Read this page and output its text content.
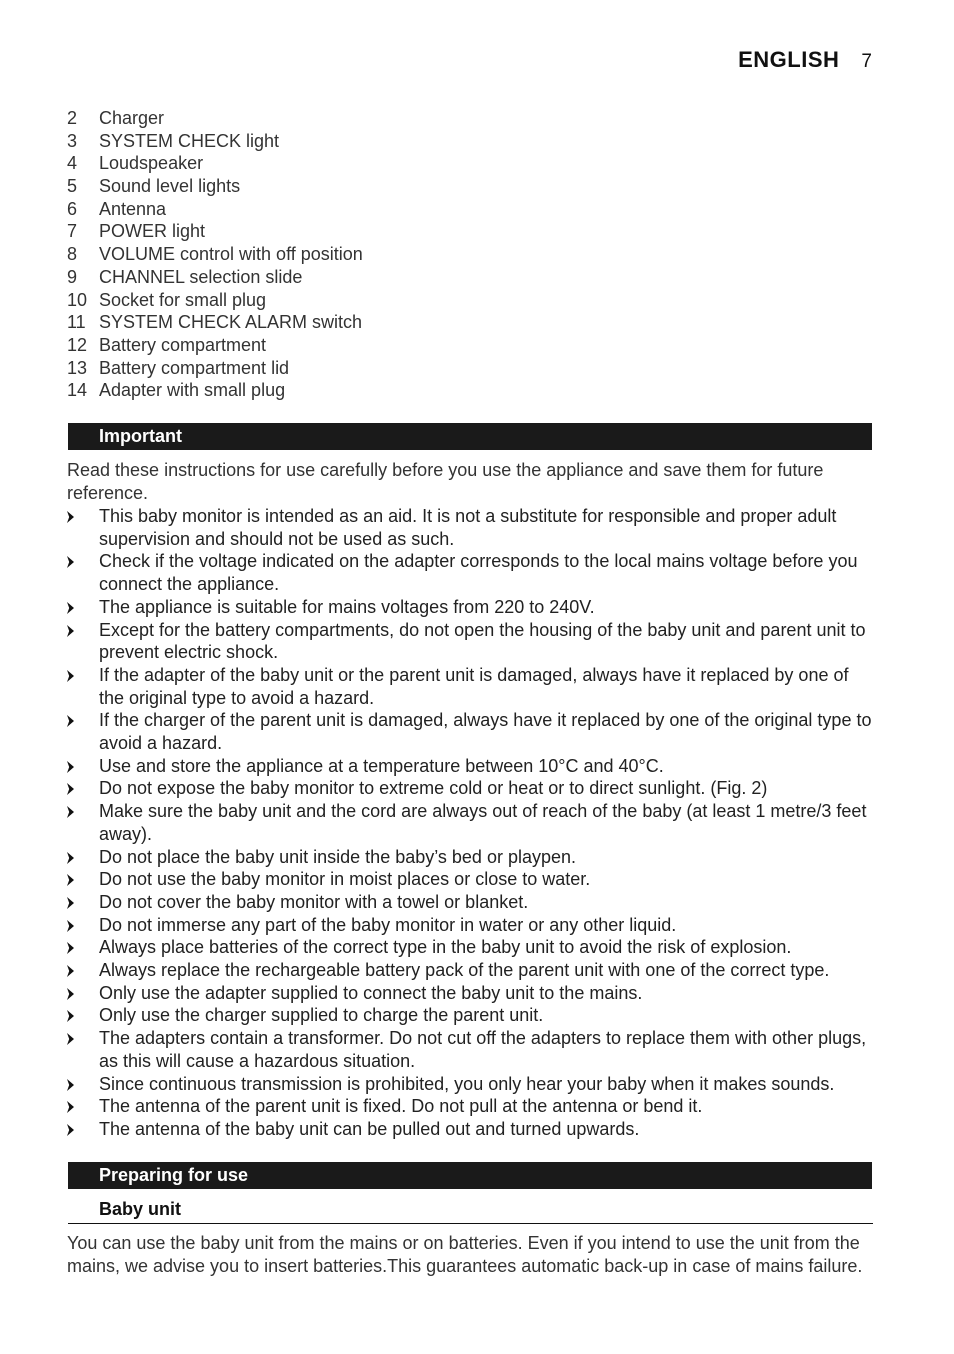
ENGLISH 7
2	Charger
3	SYSTEM CHECK light
4	Loudspeaker
5	Sound level lights
6	Antenna
7	POWER light
8	VOLUME control with off position
9	CHANNEL selection slide
10 Socket for small plug
11 SYSTEM CHECK ALARM switch
12 Battery compartment
13 Battery compartment lid
14 Adapter with small plug
Important
Read these instructions for use carefully before you use the appliance and save them for future reference.
This baby monitor is intended as an aid. It is not a substitute for responsible and proper adult supervision and should not be used as such.
Check if the voltage indicated on the adapter corresponds to the local mains voltage before you connect the appliance.
The appliance is suitable for mains voltages from 220 to 240V.
Except for the battery compartments, do not open the housing of the baby unit and parent unit to prevent electric shock.
If the adapter of the baby unit or the parent unit is damaged, always have it replaced by one of the original type to avoid a hazard.
If the charger of the parent unit is damaged, always have it replaced by one of the original type to avoid a hazard.
Use and store the appliance at a temperature between 10°C and 40°C.
Do not expose the baby monitor to extreme cold or heat or to direct sunlight. (Fig. 2)
Make sure the baby unit and the cord are always out of reach of the baby (at least 1 metre/3 feet away).
Do not place the baby unit inside the baby’s bed or playpen.
Do not use the baby monitor in moist places or close to water.
Do not cover the baby monitor with a towel or blanket.
Do not immerse any part of the baby monitor in water or any other liquid.
Always place batteries of the correct type in the baby unit to avoid the risk of explosion.
Always replace the rechargeable battery pack of the parent unit with one of the correct type.
Only use the adapter supplied to connect the baby unit to the mains.
Only use the charger supplied to charge the parent unit.
The adapters contain a transformer. Do not cut off the adapters to replace them with other plugs, as this will cause a hazardous situation.
Since continuous transmission is prohibited, you only hear your baby when it makes sounds.
The antenna of the parent unit is fixed. Do not pull at the antenna or bend it.
The antenna of the baby unit can be pulled out and turned upwards.
Preparing for use
Baby unit
You can use the baby unit from the mains or on batteries. Even if you intend to use the unit from the mains, we advise you to insert batteries.This guarantees automatic back-up in case of mains failure.
